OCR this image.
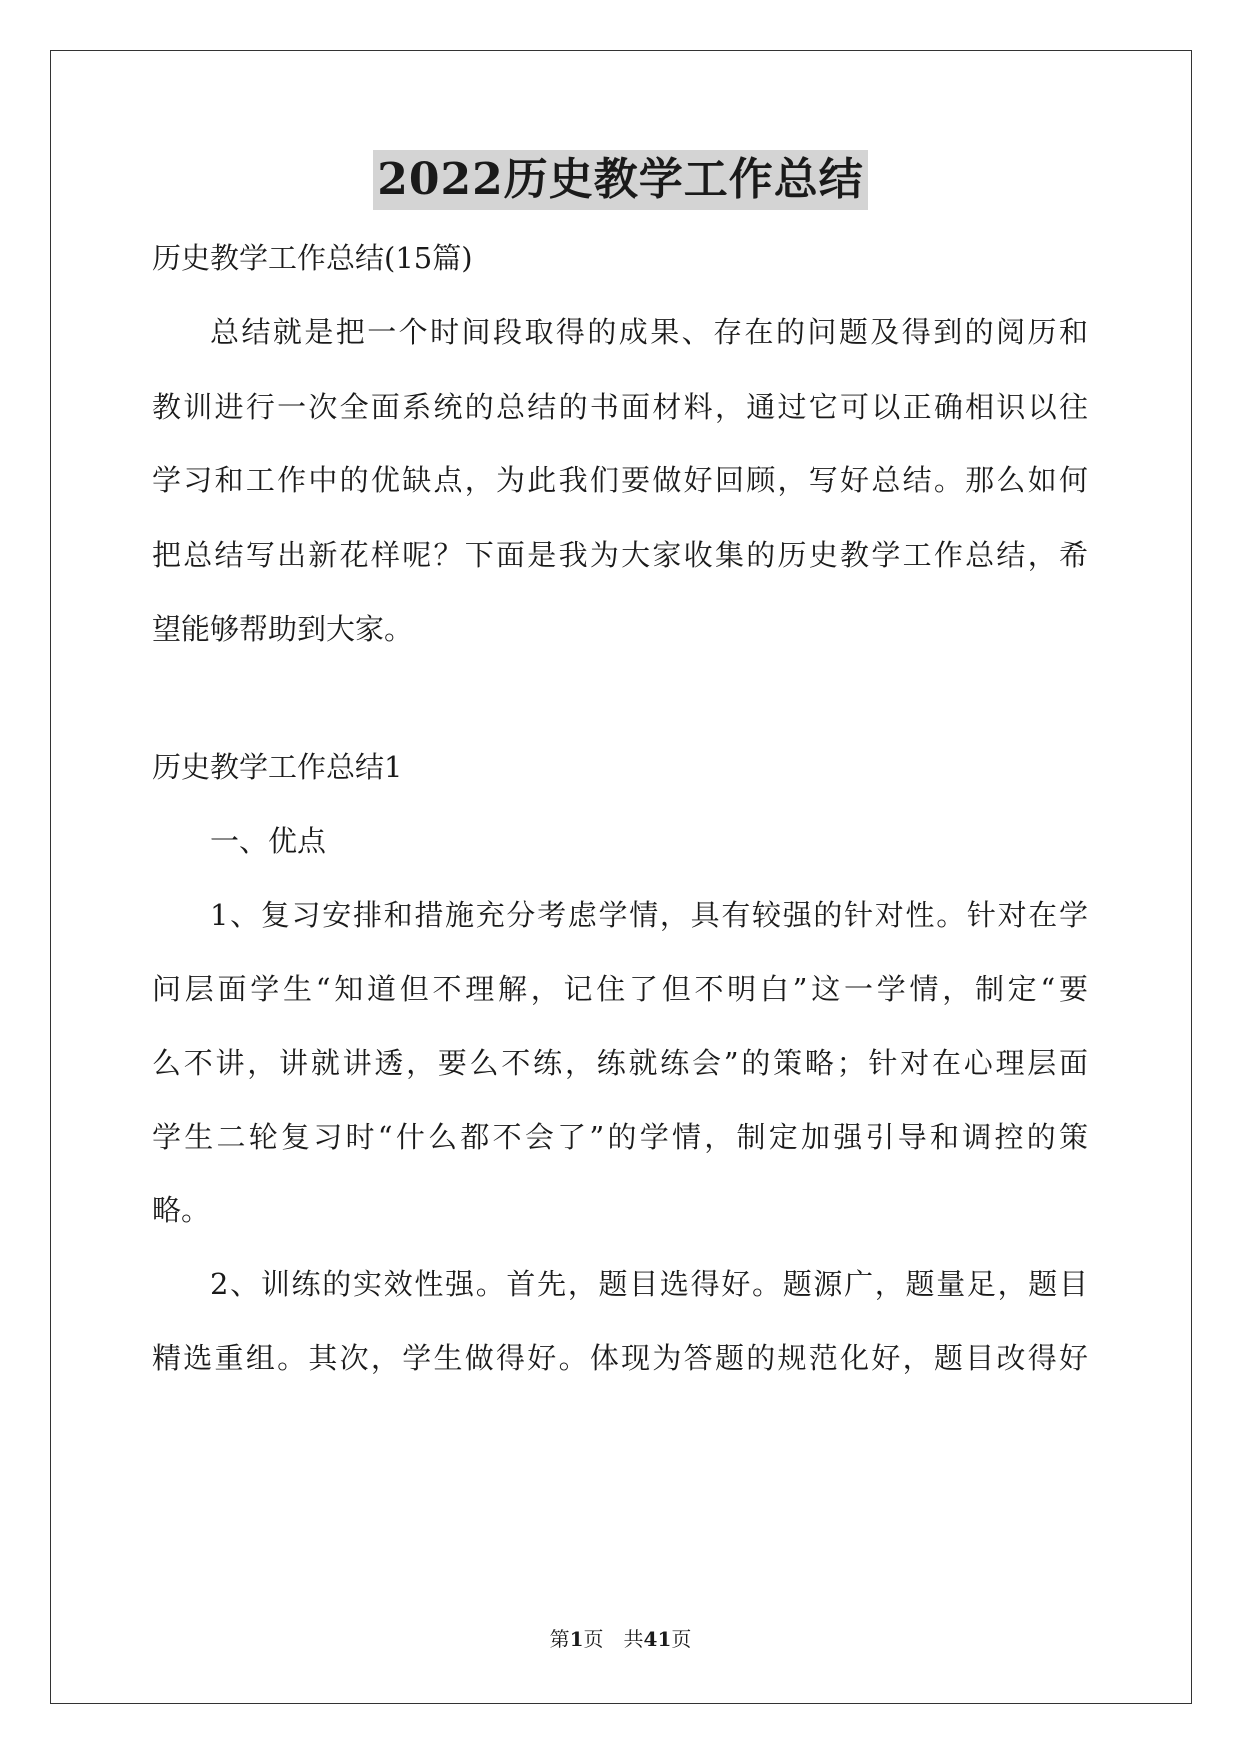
2022历史教学工作总结
历史教学工作总结(15篇)
总结就是把一个时间段取得的成果、存在的问题及得到的阅历和
教训进行一次全面系统的总结的书面材料，通过它可以正确相识以往
学习和工作中的优缺点，为此我们要做好回顾，写好总结。那么如何
把总结写出新花样呢？下面是我为大家收集的历史教学工作总结，希
望能够帮助到大家。
历史教学工作总结1
一、优点
1、复习安排和措施充分考虑学情，具有较强的针对性。针对在学
问层面学生“知道但不理解，记住了但不明白”这一学情，制定“要
么不讲，讲就讲透，要么不练，练就练会”的策略；针对在心理层面
学生二轮复习时“什么都不会了”的学情，制定加强引导和调控的策
略。
2、训练的实效性强。首先，题目选得好。题源广，题量足，题目
精选重组。其次，学生做得好。体现为答题的规范化好，题目改得好
第1页　共41页
